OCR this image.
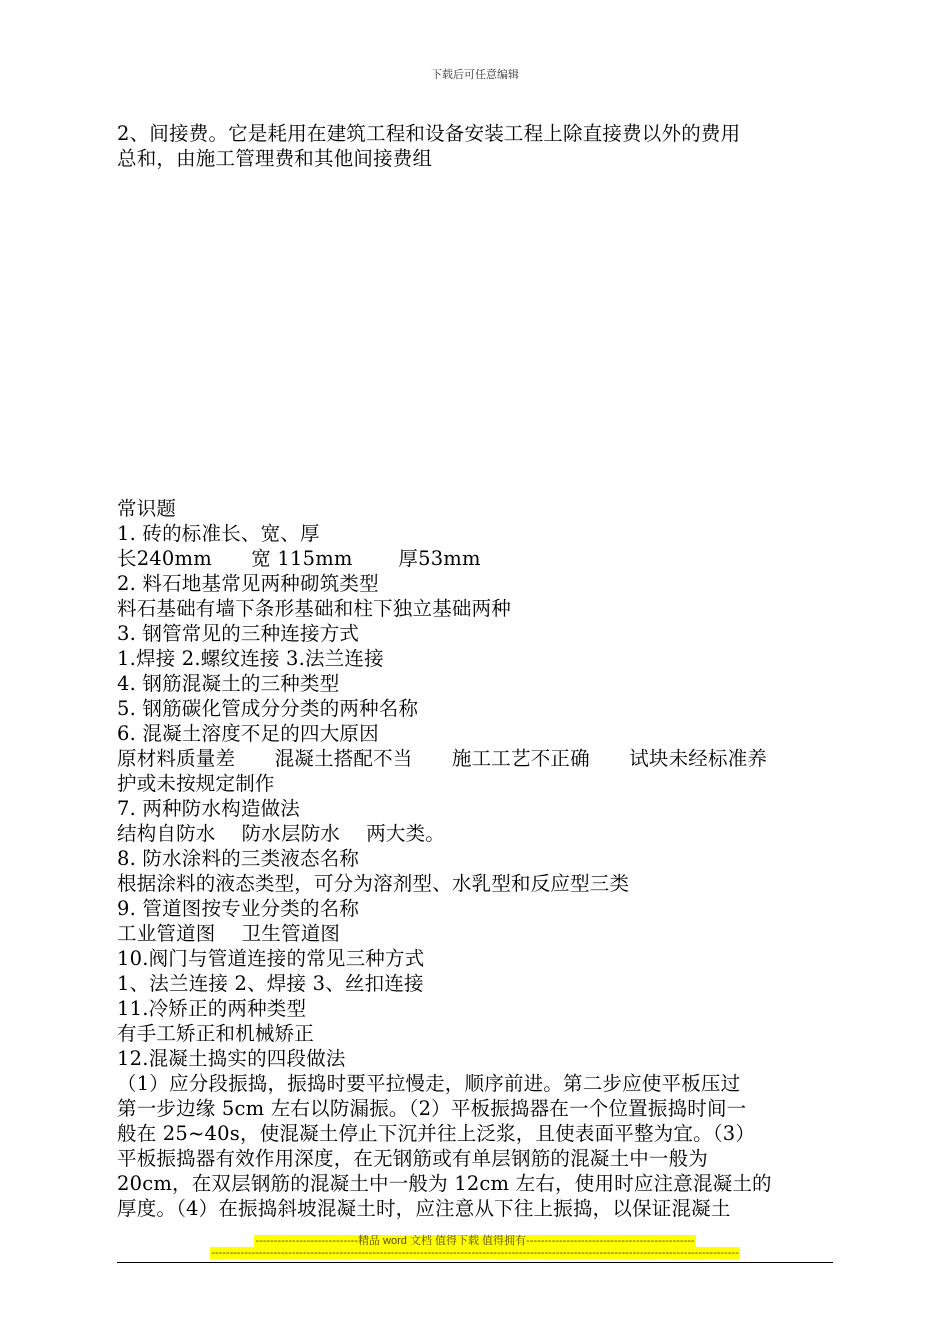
下载后可任意编辑
2、间接费。它是耗用在建筑工程和设备安装工程上除直接费以外的费用
总和，由施工管理费和其他间接费组
常识题
1. 砖的标准长、宽、厚
长240mm　　宽 115mm　　 厚53mm
2. 料石地基常见两种砌筑类型
料石基础有墙下条形基础和柱下独立基础两种
3. 钢管常见的三种连接方式
1.焊接 2.螺纹连接 3.法兰连接
4. 钢筋混凝土的三种类型
5. 钢筋碳化管成分分类的两种名称
6. 混凝土溶度不足的四大原因
原材料质量差　　混凝土搭配不当　　施工工艺不正确　　试块未经标准养
护或未按规定制作
7. 两种防水构造做法
结构自防水　 防水层防水　 两大类。
8. 防水涂料的三类液态名称
根据涂料的液态类型，可分为溶剂型、水乳型和反应型三类
9. 管道图按专业分类的名称
工业管道图　 卫生管道图
10.阀门与管道连接的常见三种方式
1、法兰连接 2、焊接 3、丝扣连接
11.冷矫正的两种类型
有手工矫正和机械矫正
12.混凝土捣实的四段做法
（1）应分段振捣，振捣时要平拉慢走，顺序前进。第二步应使平板压过
第一步边缘 5cm 左右以防漏振。（2）平板振捣器在一个位置振捣时间一
般在 25~40s，使混凝土停止下沉并往上泛浆，且使表面平整为宜。（3）
平板振捣器有效作用深度，在无钢筋或有单层钢筋的混凝土中一般为
20cm，在双层钢筋的混凝土中一般为 12cm 左右，使用时应注意混凝土的
厚度。（4）在振捣斜坡混凝土时，应注意从下往上振捣，以保证混凝土
----------------------------精品 word 文档 值得下载 值得拥有----------------------------------------------
------------------------------------------------------------------------------------------------------------------------------------------------
